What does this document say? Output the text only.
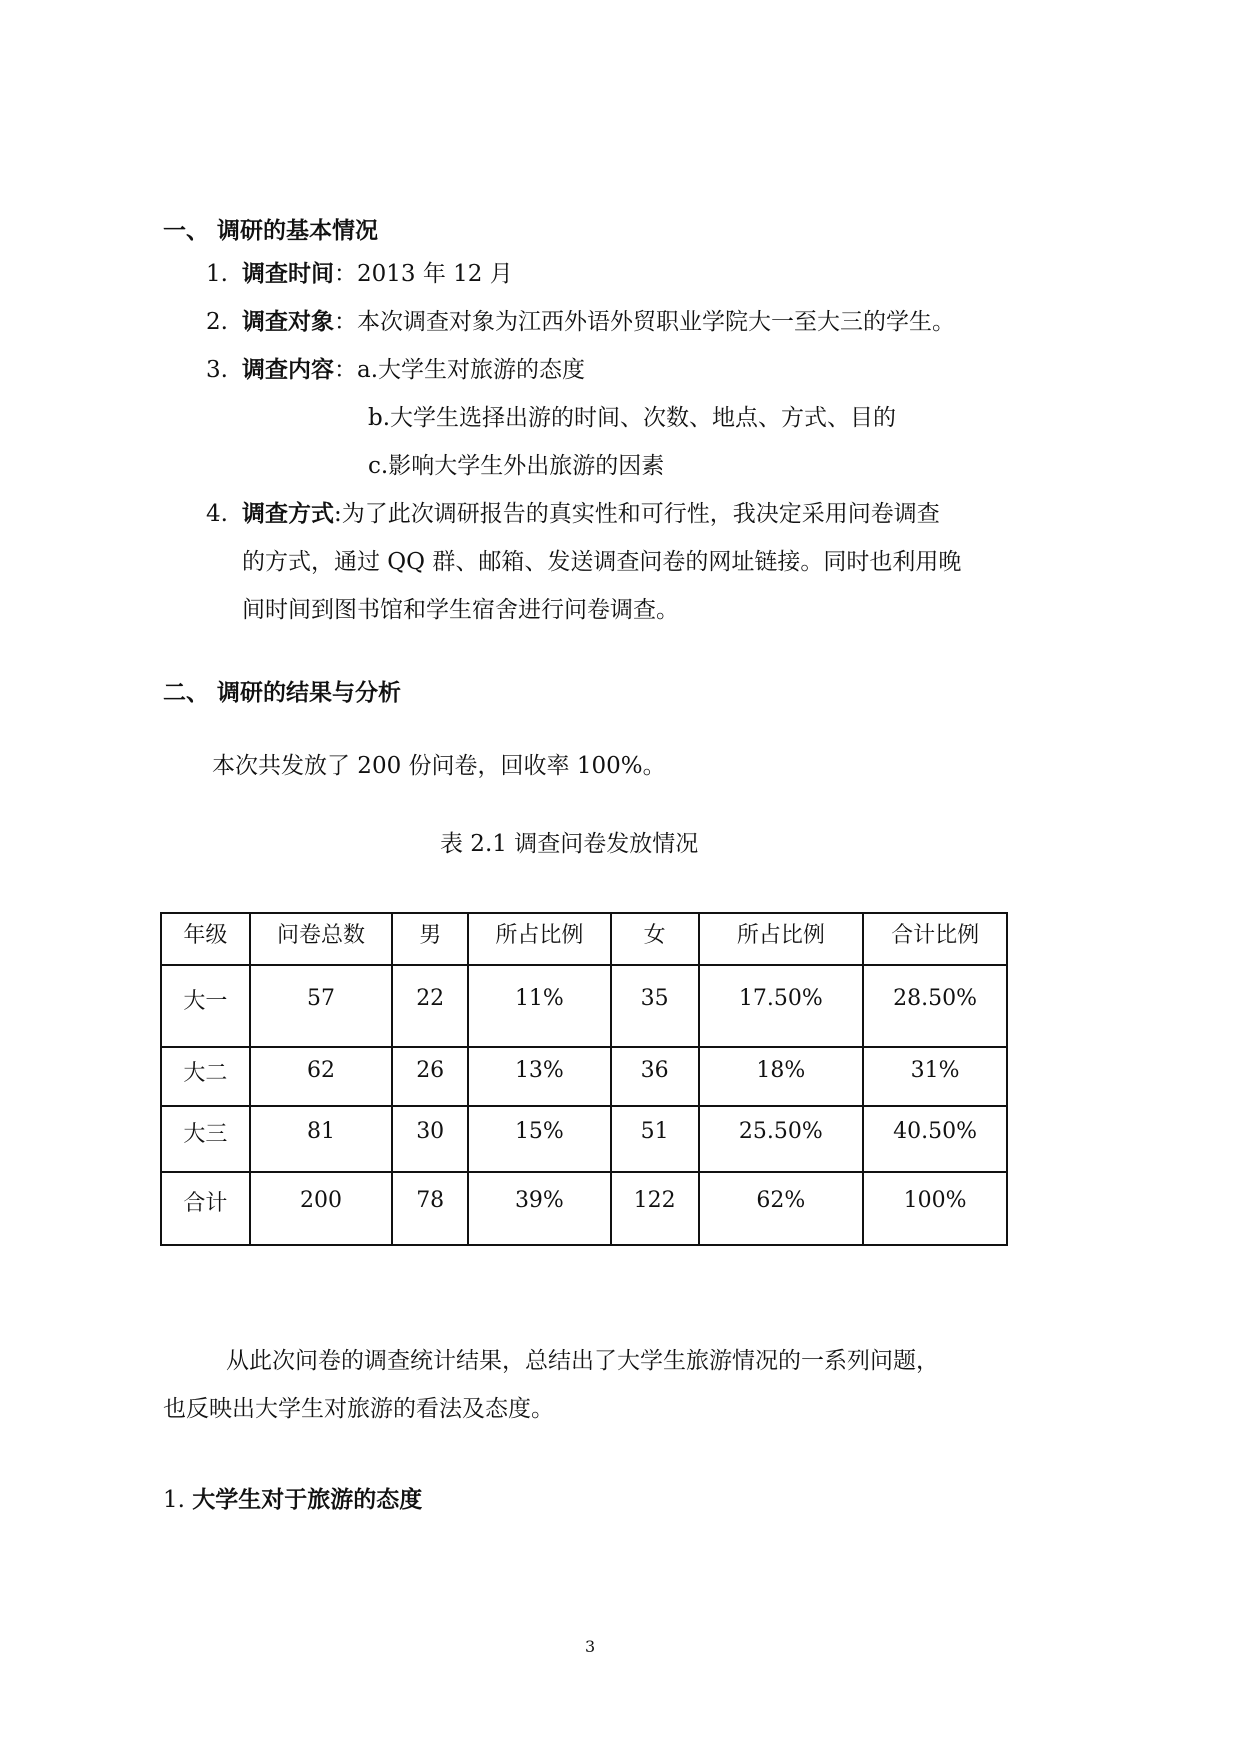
一、 调研的基本情况
1. 调查时间：2013 年 12 月
2. 调查对象：本次调查对象为江西外语外贸职业学院大一至大三的学生。
3. 调查内容：a.大学生对旅游的态度
b.大学生选择出游的时间、次数、地点、方式、目的
c.影响大学生外出旅游的因素
4. 调查方式:为了此次调研报告的真实性和可行性，我决定采用问卷调查
的方式，通过 QQ 群、邮箱、发送调查问卷的网址链接。同时也利用晚
间时间到图书馆和学生宿舍进行问卷调查。
二、 调研的结果与分析
本次共发放了 200 份问卷，回收率 100%。
表 2.1 调查问卷发放情况
年级	问卷总数	男	所占比例	女	所占比例	合计比例
大一	57	22	11%	35	17.50%	28.50%
大二	62	26	13%	36	18%	31%
大三	81	30	15%	51	25.50%	40.50%
合计	200	78	39%	122	62%	100%
从此次问卷的调查统计结果，总结出了大学生旅游情况的一系列问题，
也反映出大学生对旅游的看法及态度。
1. 大学生对于旅游的态度
3
